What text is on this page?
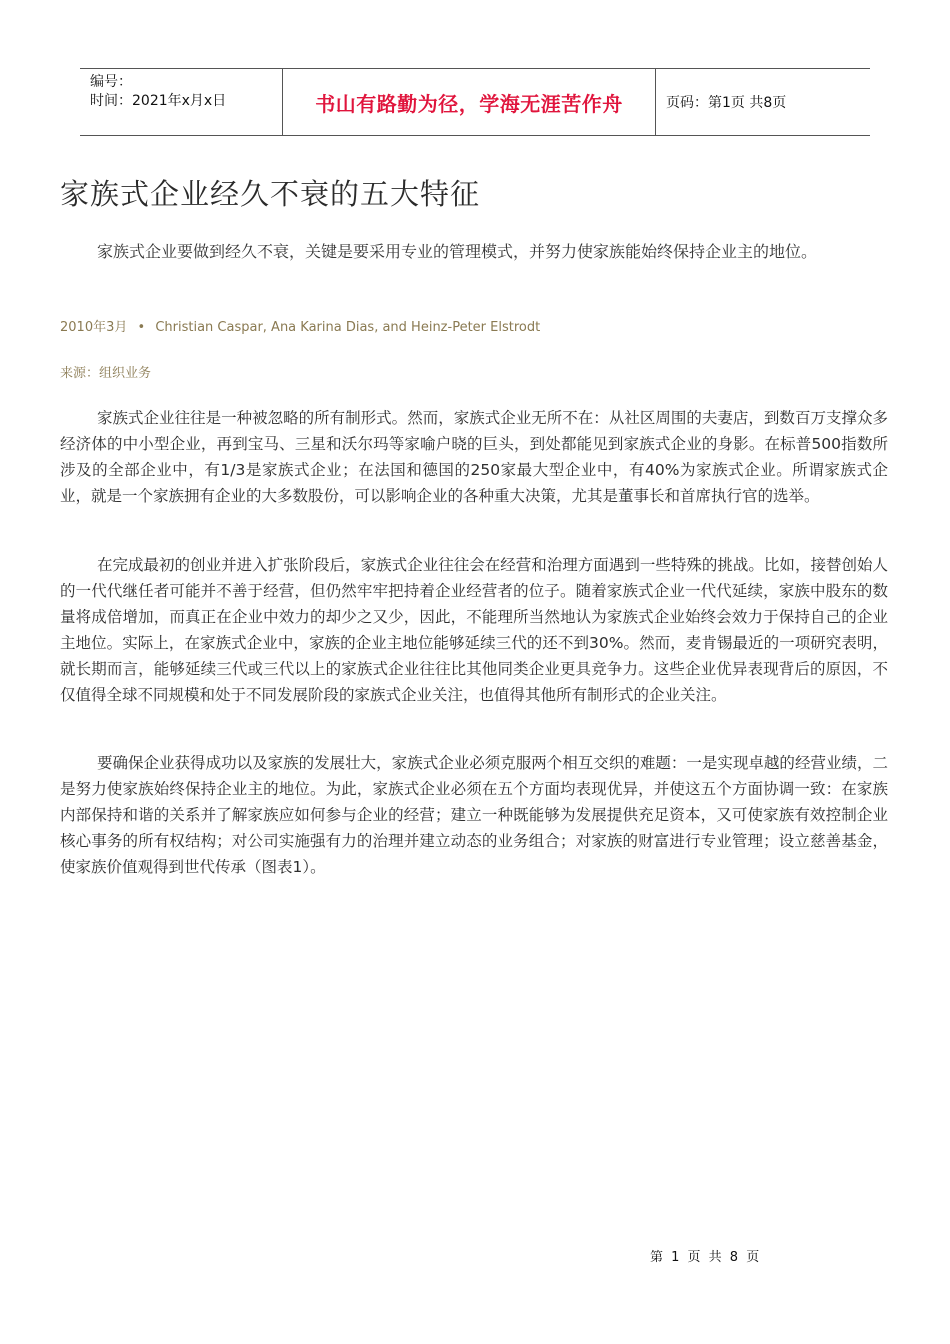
编号：
时间：2021年x月x日	书山有路勤为径，学海无涯苦作舟	页码：第1页 共8页
家族式企业经久不衰的五大特征

家族式企业要做到经久不衰，关键是要采用专业的管理模式，并努力使家族能始终保持企业主的地位。

2010年3月 • Christian Caspar, Ana Karina Dias, and Heinz-Peter Elstrodt
来源：组织业务

家族式企业往往是一种被忽略的所有制形式。然而，家族式企业无所不在：从社区周围的夫妻店，到数百万支撑众多经济体的中小型企业，再到宝马、三星和沃尔玛等家喻户晓的巨头，到处都能见到家族式企业的身影。在标普500指数所涉及的全部企业中，有1/3是家族式企业；在法国和德国的250家最大型企业中，有40%为家族式企业。所谓家族式企业，就是一个家族拥有企业的大多数股份，可以影响企业的各种重大决策，尤其是董事长和首席执行官的选举。

在完成最初的创业并进入扩张阶段后，家族式企业往往会在经营和治理方面遇到一些特殊的挑战。比如，接替创始人的一代代继任者可能并不善于经营，但仍然牢牢把持着企业经营者的位子。随着家族式企业一代代延续，家族中股东的数量将成倍增加，而真正在企业中效力的却少之又少，因此，不能理所当然地认为家族式企业始终会效力于保持自己的企业主地位。实际上，在家族式企业中，家族的企业主地位能够延续三代的还不到30%。然而，麦肯锡最近的一项研究表明，就长期而言，能够延续三代或三代以上的家族式企业往往比其他同类企业更具竞争力。这些企业优异表现背后的原因，不仅值得全球不同规模和处于不同发展阶段的家族式企业关注，也值得其他所有制形式的企业关注。

要确保企业获得成功以及家族的发展壮大，家族式企业必须克服两个相互交织的难题：一是实现卓越的经营业绩，二是努力使家族始终保持企业主的地位。为此，家族式企业必须在五个方面均表现优异，并使这五个方面协调一致：在家族内部保持和谐的关系并了解家族应如何参与企业的经营；建立一种既能够为发展提供充足资本，又可使家族有效控制企业核心事务的所有权结构；对公司实施强有力的治理并建立动态的业务组合；对家族的财富进行专业管理；设立慈善基金，使家族价值观得到世代传承（图表1）。

第 1 页 共 8 页
